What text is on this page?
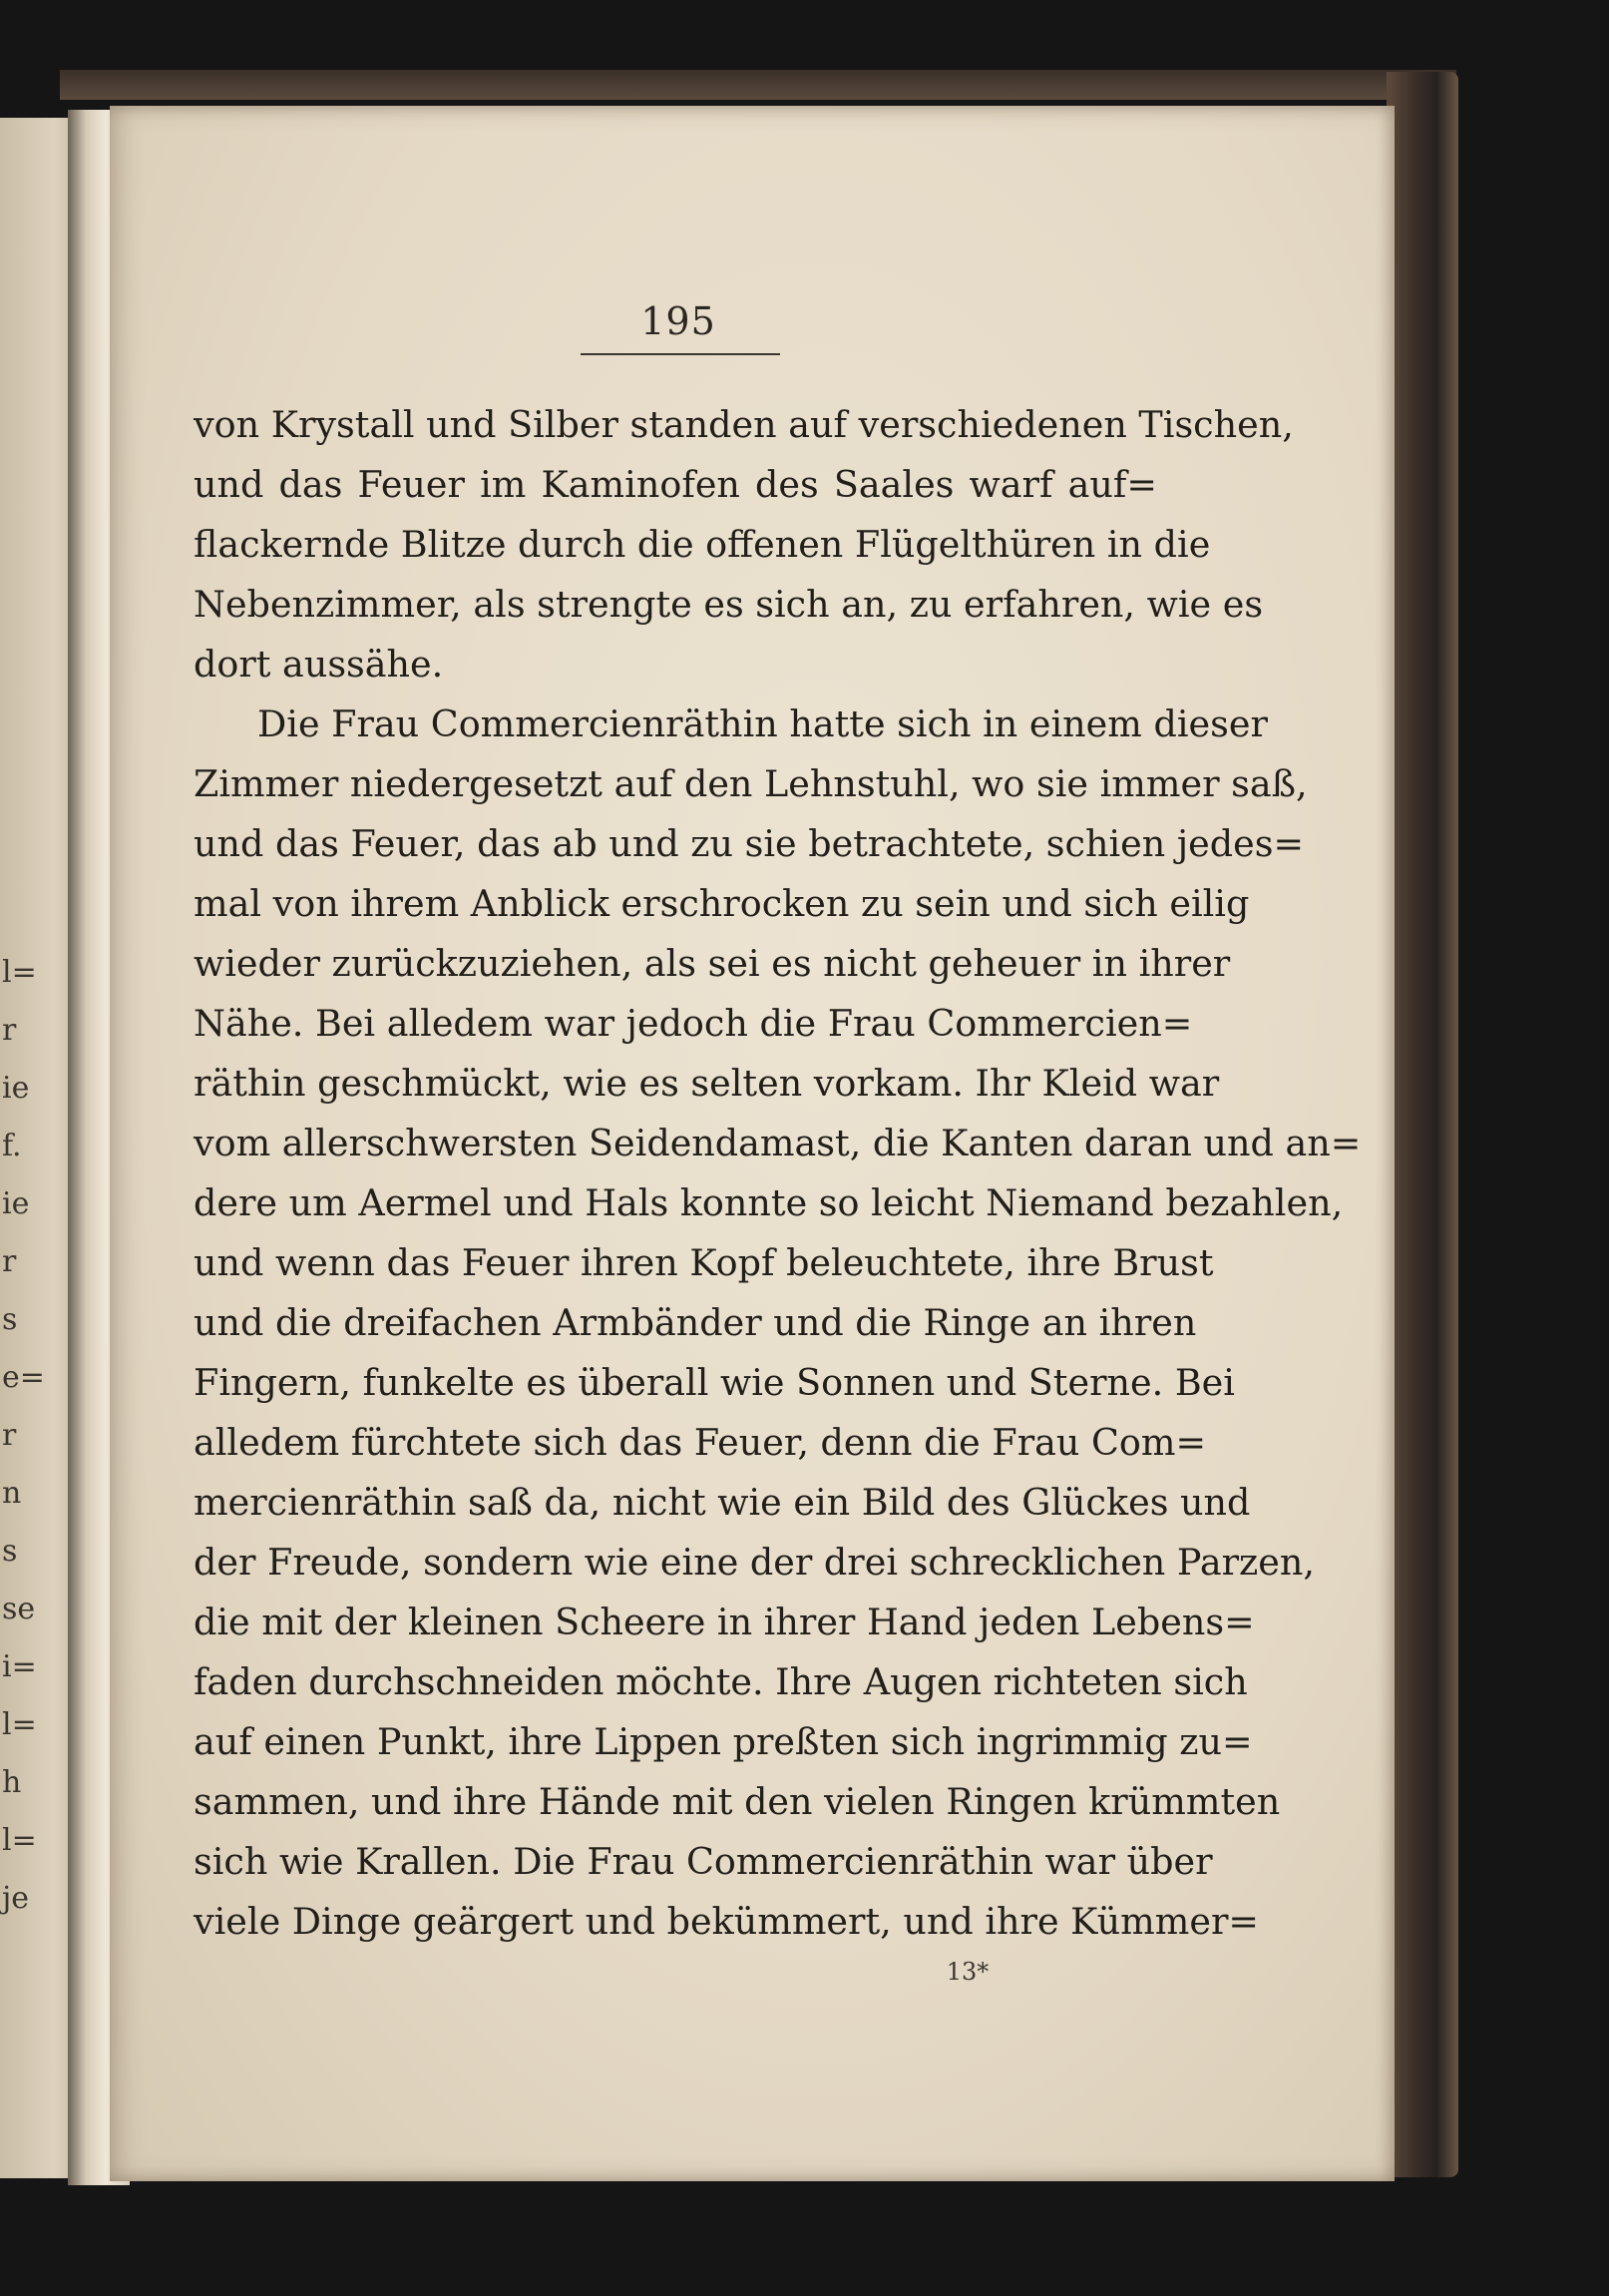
l=
r
ie
f.
ie
r
s
e=
r
n
s
se
i=
l=
h
l=
je
195
von Krystall und Silber standen auf verschiedenen Tischen,
und das Feuer im Kaminofen des Saales warf auf=
flackernde Blitze durch die offenen Flügelthüren in die
Nebenzimmer, als strengte es sich an, zu erfahren, wie es
dort aussähe.
Die Frau Commercienräthin hatte sich in einem dieser
Zimmer niedergesetzt auf den Lehnstuhl, wo sie immer saß,
und das Feuer, das ab und zu sie betrachtete, schien jedes=
mal von ihrem Anblick erschrocken zu sein und sich eilig
wieder zurückzuziehen, als sei es nicht geheuer in ihrer
Nähe. Bei alledem war jedoch die Frau Commercien=
räthin geschmückt, wie es selten vorkam. Ihr Kleid war
vom allerschwersten Seidendamast, die Kanten daran und an=
dere um Aermel und Hals konnte so leicht Niemand bezahlen,
und wenn das Feuer ihren Kopf beleuchtete, ihre Brust
und die dreifachen Armbänder und die Ringe an ihren
Fingern, funkelte es überall wie Sonnen und Sterne. Bei
alledem fürchtete sich das Feuer, denn die Frau Com=
mercienräthin saß da, nicht wie ein Bild des Glückes und
der Freude, sondern wie eine der drei schrecklichen Parzen,
die mit der kleinen Scheere in ihrer Hand jeden Lebens=
faden durchschneiden möchte. Ihre Augen richteten sich
auf einen Punkt, ihre Lippen preßten sich ingrimmig zu=
sammen, und ihre Hände mit den vielen Ringen krümmten
sich wie Krallen. Die Frau Commercienräthin war über
viele Dinge geärgert und bekümmert, und ihre Kümmer=
13*
